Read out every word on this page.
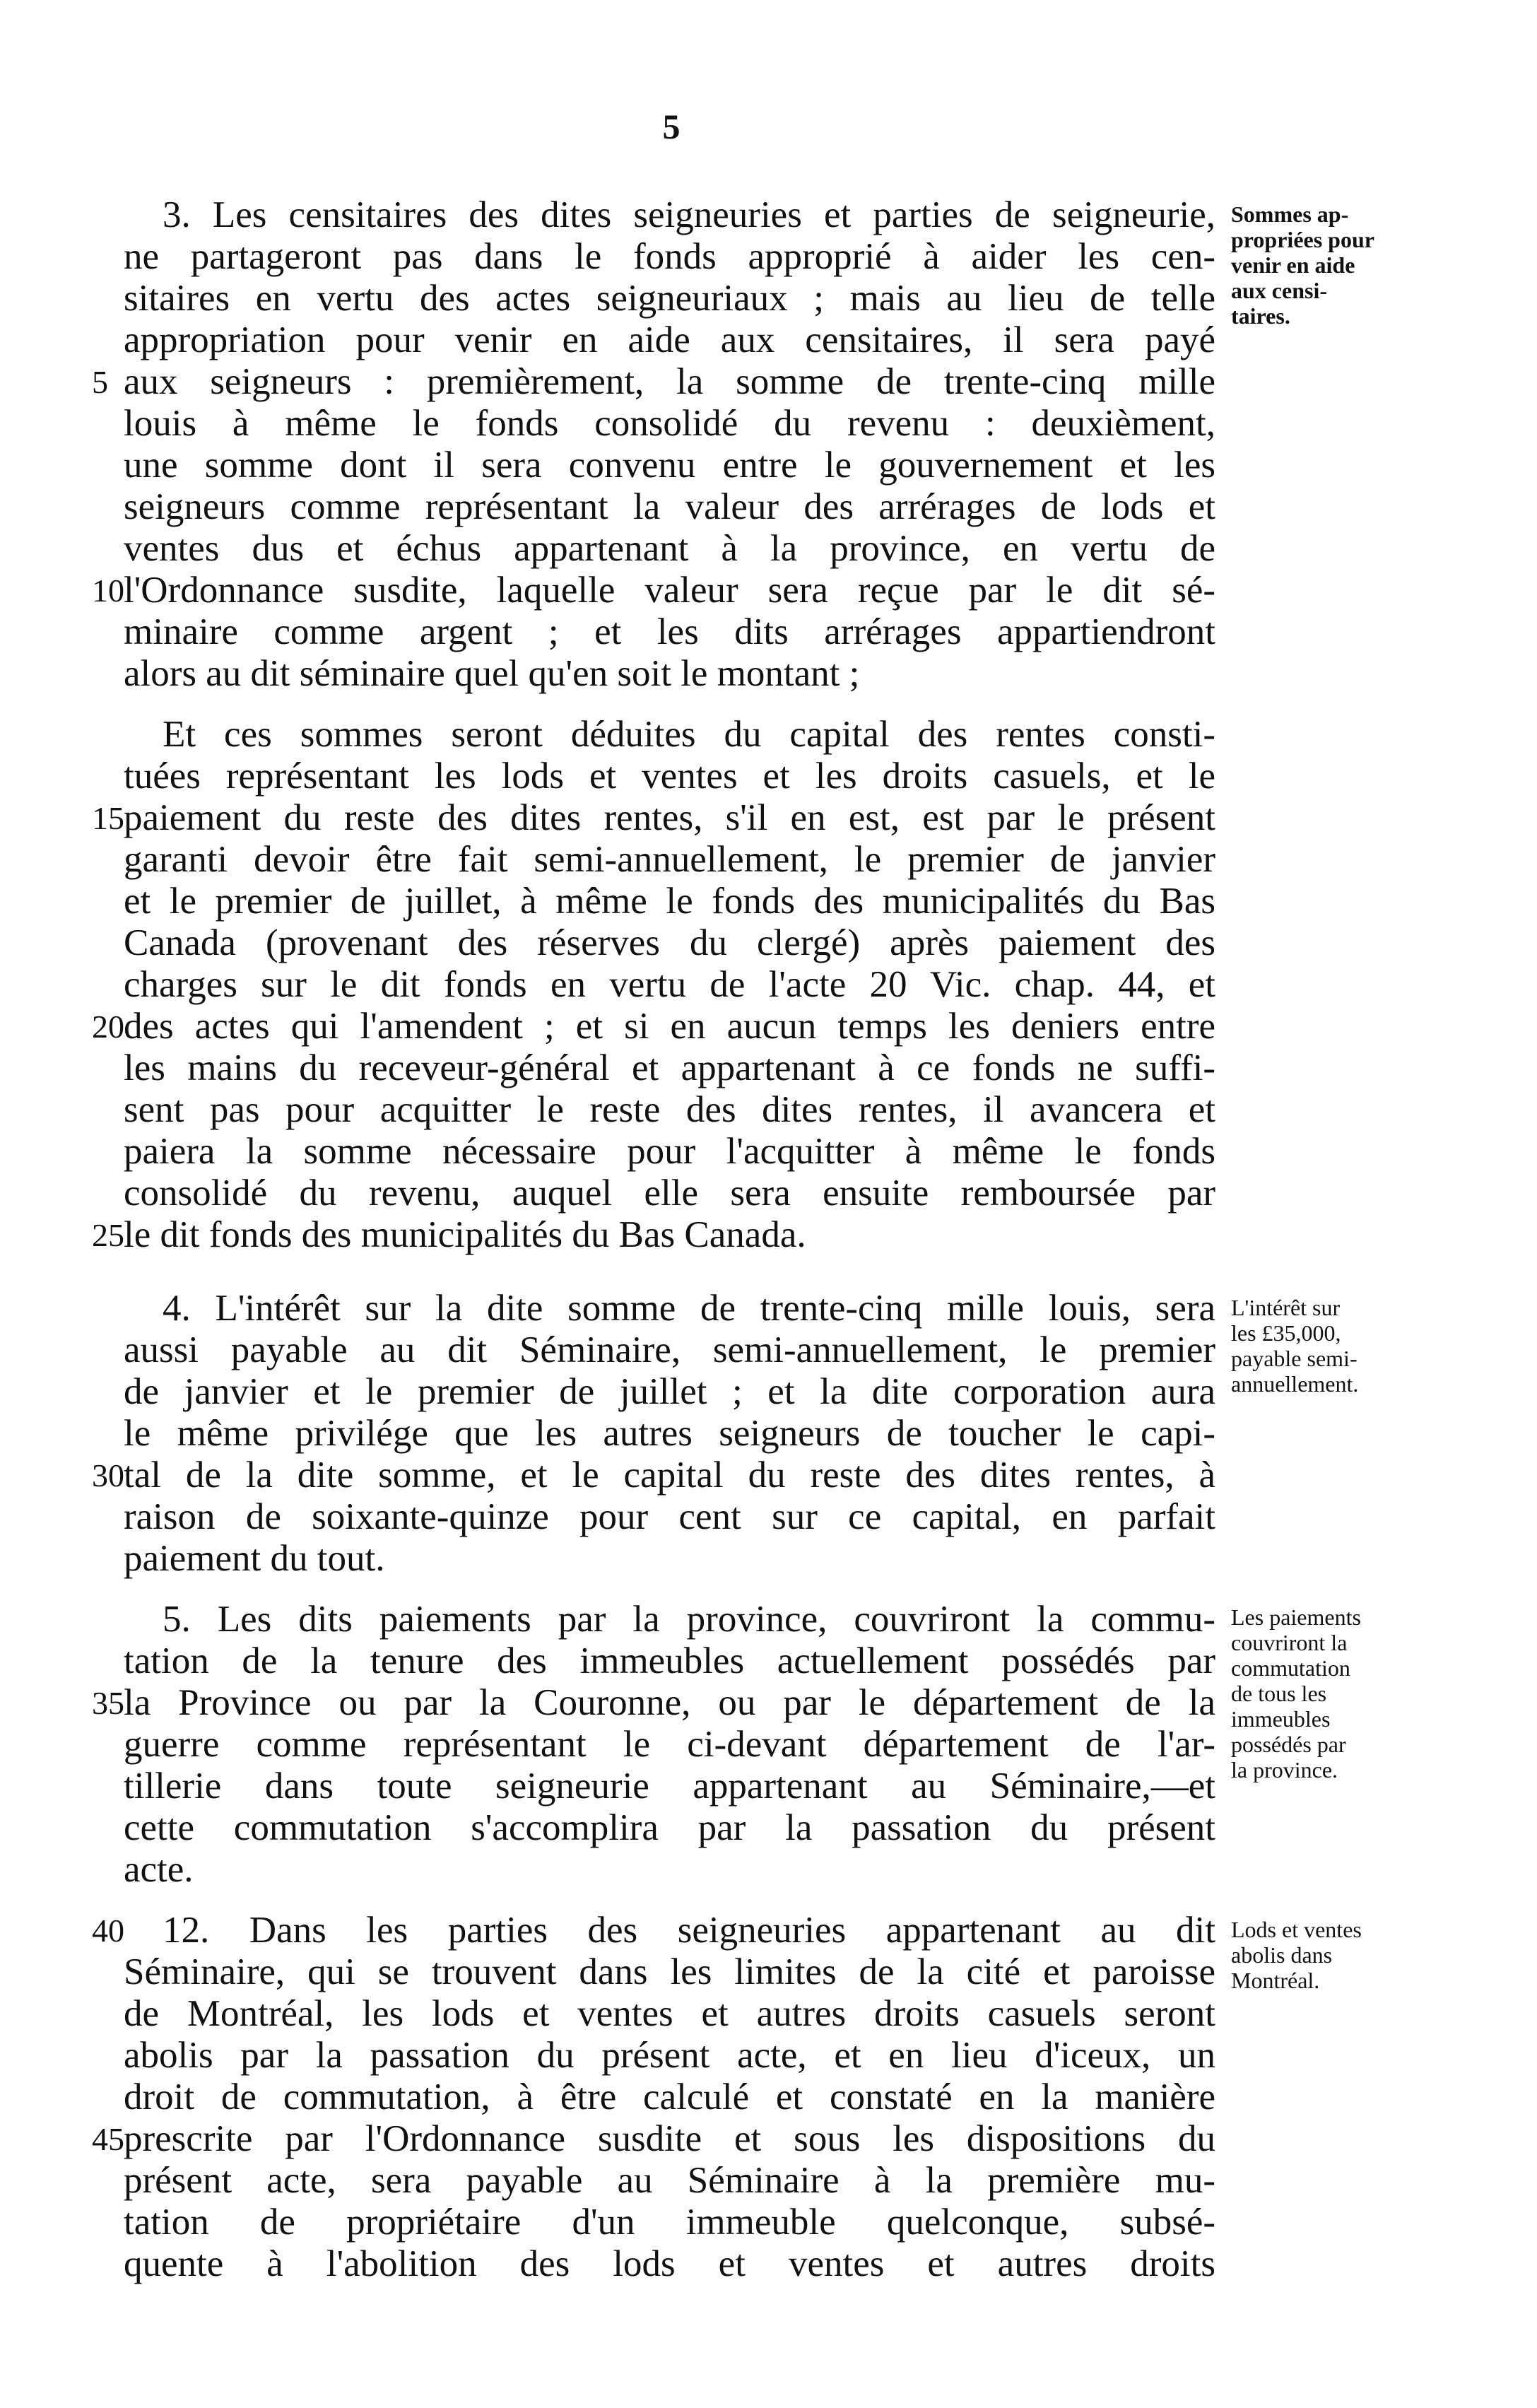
5
3. Les censitaires des dites seigneuries et parties de seigneurie,
ne partageront pas dans le fonds approprié à aider les cen-
sitaires en vertu des actes seigneuriaux ; mais au lieu de telle
appropriation pour venir en aide aux censitaires, il sera payé
5 aux seigneurs : premièrement, la somme de trente-cinq mille
louis à même le fonds consolidé du revenu : deuxièment,
une somme dont il sera convenu entre le gouvernement et les
seigneurs comme représentant la valeur des arrérages de lods et
ventes dus et échus appartenant à la province, en vertu de
10 l'Ordonnance susdite, laquelle valeur sera reçue par le dit sé-
minaire comme argent ; et les dits arrérages appartiendront
alors au dit séminaire quel qu'en soit le montant ;
Et ces sommes seront déduites du capital des rentes consti-
tuées représentant les lods et ventes et les droits casuels, et le
15 paiement du reste des dites rentes, s'il en est, est par le présent
garanti devoir être fait semi-annuellement, le premier de janvier
et le premier de juillet, à même le fonds des municipalités du Bas
Canada (provenant des réserves du clergé) après paiement des
charges sur le dit fonds en vertu de l'acte 20 Vic. chap. 44, et
20 des actes qui l'amendent ; et si en aucun temps les deniers entre
les mains du receveur-général et appartenant à ce fonds ne suffi-
sent pas pour acquitter le reste des dites rentes, il avancera et
paiera la somme nécessaire pour l'acquitter à même le fonds
consolidé du revenu, auquel elle sera ensuite remboursée par
25 le dit fonds des municipalités du Bas Canada.
4. L'intérêt sur la dite somme de trente-cinq mille louis, sera
aussi payable au dit Séminaire, semi-annuellement, le premier
de janvier et le premier de juillet ; et la dite corporation aura
le même privilége que les autres seigneurs de toucher le capi-
30 tal de la dite somme, et le capital du reste des dites rentes, à
raison de soixante-quinze pour cent sur ce capital, en parfait
paiement du tout.
5. Les dits paiements par la province, couvriront la commu-
tation de la tenure des immeubles actuellement possédés par
35 la Province ou par la Couronne, ou par le département de la
guerre comme représentant le ci-devant département de l'ar-
tillerie dans toute seigneurie appartenant au Séminaire,—et
cette commutation s'accomplira par la passation du présent
acte.
40	12. Dans les parties des seigneuries appartenant au dit
Séminaire, qui se trouvent dans les limites de la cité et paroisse
de Montréal, les lods et ventes et autres droits casuels seront
abolis par la passation du présent acte, et en lieu d'iceux, un
droit de commutation, à être calculé et constaté en la manière
45 prescrite par l'Ordonnance susdite et sous les dispositions du
présent acte, sera payable au Séminaire à la première mu-
tation de propriétaire d'un immeuble quelconque, subsé-
quente à l'abolition des lods et ventes et autres droits
Sommes ap-
propriées pour
venir en aide
aux censi-
taires.
L'intérêt sur
les £35,000,
payable semi-
annuellement.
Les paiements
couvriront la
commutation
de tous les
immeubles
possédés par
la province.
Lods et ventes
abolis dans
Montréal.
